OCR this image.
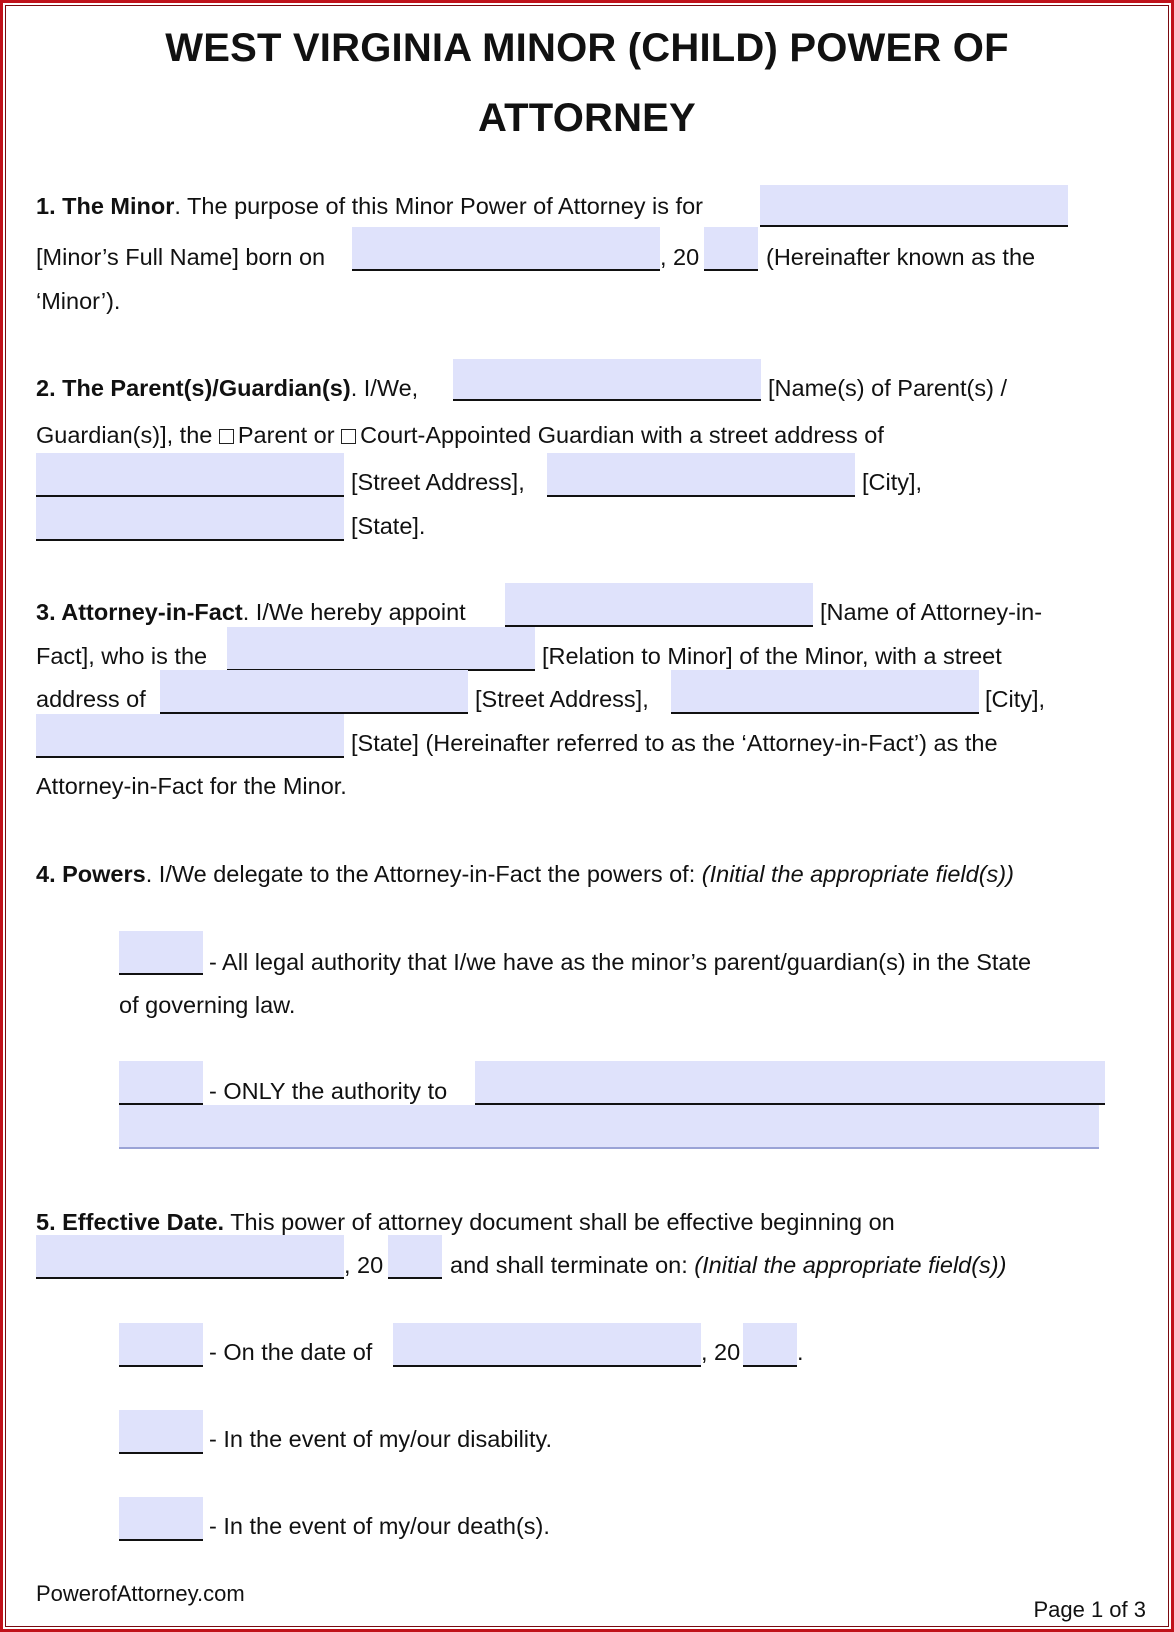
WEST VIRGINIA MINOR (CHILD) POWER OF
ATTORNEY
1. The Minor. The purpose of this Minor Power of Attorney is for
[Minor’s Full Name] born on	, 20	(Hereinafter known as the
‘Minor’).
2. The Parent(s)/Guardian(s). I/We,	[Name(s) of Parent(s) /
Guardian(s)], the Parent or Court-Appointed Guardian with a street address of
[Street Address],	[City],
[State].
3. Attorney-in-Fact. I/We hereby appoint	[Name of Attorney-in-
Fact], who is the	[Relation to Minor] of the Minor, with a street
address of	[Street Address],	[City],
[State] (Hereinafter referred to as the ‘Attorney-in-Fact’) as the
Attorney-in-Fact for the Minor.
4. Powers. I/We delegate to the Attorney-in-Fact the powers of: (Initial the appropriate field(s))
- All legal authority that I/we have as the minor’s parent/guardian(s) in the State
of governing law.
- ONLY the authority to
5. Effective Date. This power of attorney document shall be effective beginning on
, 20	and shall terminate on: (Initial the appropriate field(s))
- On the date of	, 20 .
- In the event of my/our disability.
- In the event of my/our death(s).
PowerofAttorney.com
Page 1 of 3
